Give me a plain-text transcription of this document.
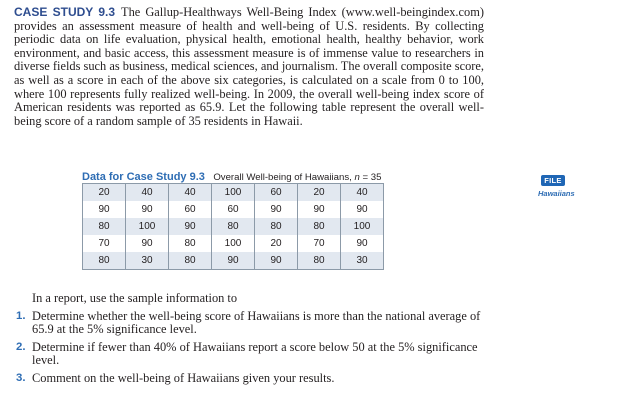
CASE STUDY 9.3 The Gallup-Healthways Well-Being Index (www.well-beingindex.com) provides an assessment measure of health and well-being of U.S. residents. By collecting periodic data on life evaluation, physical health, emotional health, healthy behavior, work environment, and basic access, this assessment measure is of immense value to researchers in diverse fields such as business, medical sciences, and journalism. The overall composite score, as well as a score in each of the above six categories, is calculated on a scale from 0 to 100, where 100 represents fully realized well-being. In 2009, the overall well-being index score of American residents was reported as 65.9. Let the following table represent the overall well-being score of a random sample of 35 residents in Hawaii.
Data for Case Study 9.3 Overall Well-being of Hawaiians, n = 35
20	40	40	100	60	20	40
90	90	60	60	90	90	90
80	100	90	80	80	80	100
70	90	80	100	20	70	90
80	30	80	90	90	80	30
FILE
Hawaiians
In a report, use the sample information to
1. Determine whether the well-being score of Hawaiians is more than the national average of 65.9 at the 5% significance level.
2. Determine if fewer than 40% of Hawaiians report a score below 50 at the 5% significance level.
3. Comment on the well-being of Hawaiians given your results.
